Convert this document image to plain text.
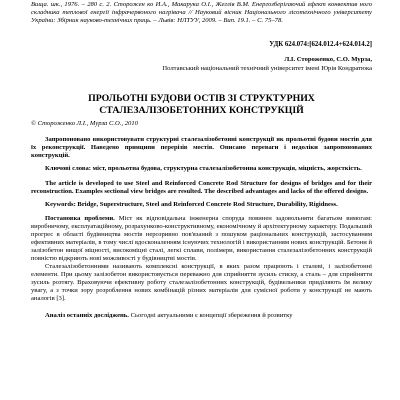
Вища. шк., 1976. – 280 с. 2. Сторожен ко И.А., Макарука О.І., Жеглів В.М. Енергозберігаючий ефект конвектив ного складника теплової енергії інфрачервоного нагрівача // Науковий вісник Національного лісотехнічного університету України: Збірник науково-технічних праць. – Львів: НЛТУУ, 2009. – Вип. 19.1. – С. 75–78.

УДК 624.074:[624.012.4+624.014.2]
Л.І. Стороженко, С.О. Мурза,
Полтавський національний технічний університет імені Юрія Кондратюка
ПРОЛЬОТНІ БУДОВИ ОСТІВ ЗІ СТРУКТУРНИХ
СТАЛЕЗАЛІЗОБЕТОННИХ КОНСТРУКЦІЙ
© Стороженко Л.І., Мурза С.О., 2010

Запропоновано використовувати структурні сталезалізобетонні конструкції як прольотні будови мостів для їх реконструкції. Наведено принципи перерізів мостів. Описано переваги і недоліки запропонованих конструкцій.

Ключові слова: міст, прольотна будова, структурна сталезалізобетонна конструкція, міцність, жорсткість.

The article is developed to use Steel and Reinforced Concrete Rod Structure for designs of bridges and for their reconstruction. Examples sectional view bridges are resulted. The described advantages and lacks of the offered designs.

Keywords: Bridge, Superstructure, Steel and Reinforced Concrete Rod Structure, Durability, Rigidness.

Постановка проблеми. Міст як відповідальна інженерна споруда повинен задовольняти багатьом вимогам: виробничому, експлуатаційному, розрахунково-конструктивному, економічному й архітектурному характеру. Подальший прогрес в області будівництва мостів нерозривно пов'язаний з пошуком раціональних конструкцій, застосуванням ефективних матеріалів, в тому числі вдосконаленням існуючих технологій і використанням нових конструкцій. Бетони й залізобетон вищої міцності, високоміцні сталі, легкі сплави, полімери, використання сталезалізобетонних конструкцій повністю відкриють нові можливості у будівництві мостів.

Сталезалізобетонними називають комплексні конструкції, в яких разом працюють і сталеві, і залізобетонні елементи. При цьому залізобетон використовується переважно для сприйняття зусиль стиску, а сталь – для сприйняття зусиль розтягу. Враховуючи ефективну роботу сталезалізобетонних конструкцій, будівельники приділяють їм велику увагу, а з точки зору розроблення нових комбінацій різних матеріалів для сумісної роботи у конструкції не мають аналогів [3].

Аналіз останніх досліджень. Сьогодні актуальними є концепції збереження й розвитку
